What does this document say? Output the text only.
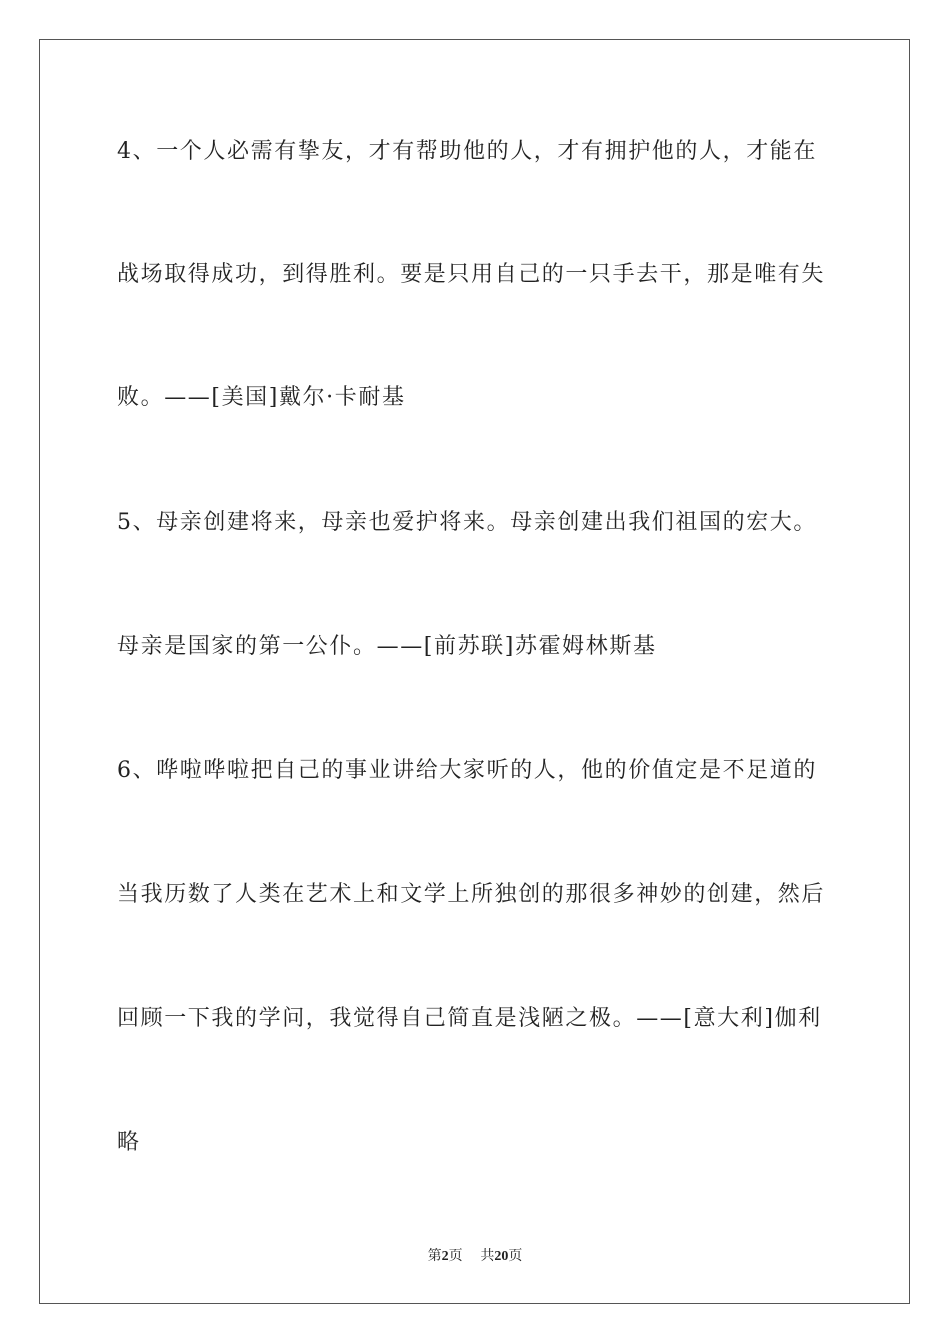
4、一个人必需有挚友，才有帮助他的人，才有拥护他的人，才能在
战场取得成功，到得胜利。要是只用自己的一只手去干，那是唯有失
败。——[美国]戴尔·卡耐基
5、母亲创建将来，母亲也爱护将来。母亲创建出我们祖国的宏大。
母亲是国家的第一公仆。——[前苏联]苏霍姆林斯基
6、哗啦哗啦把自己的事业讲给大家听的人，他的价值定是不足道的
当我历数了人类在艺术上和文学上所独创的那很多神妙的创建，然后
回顾一下我的学问，我觉得自己简直是浅陋之极。——[意大利]伽利
略
第2页 共20页
